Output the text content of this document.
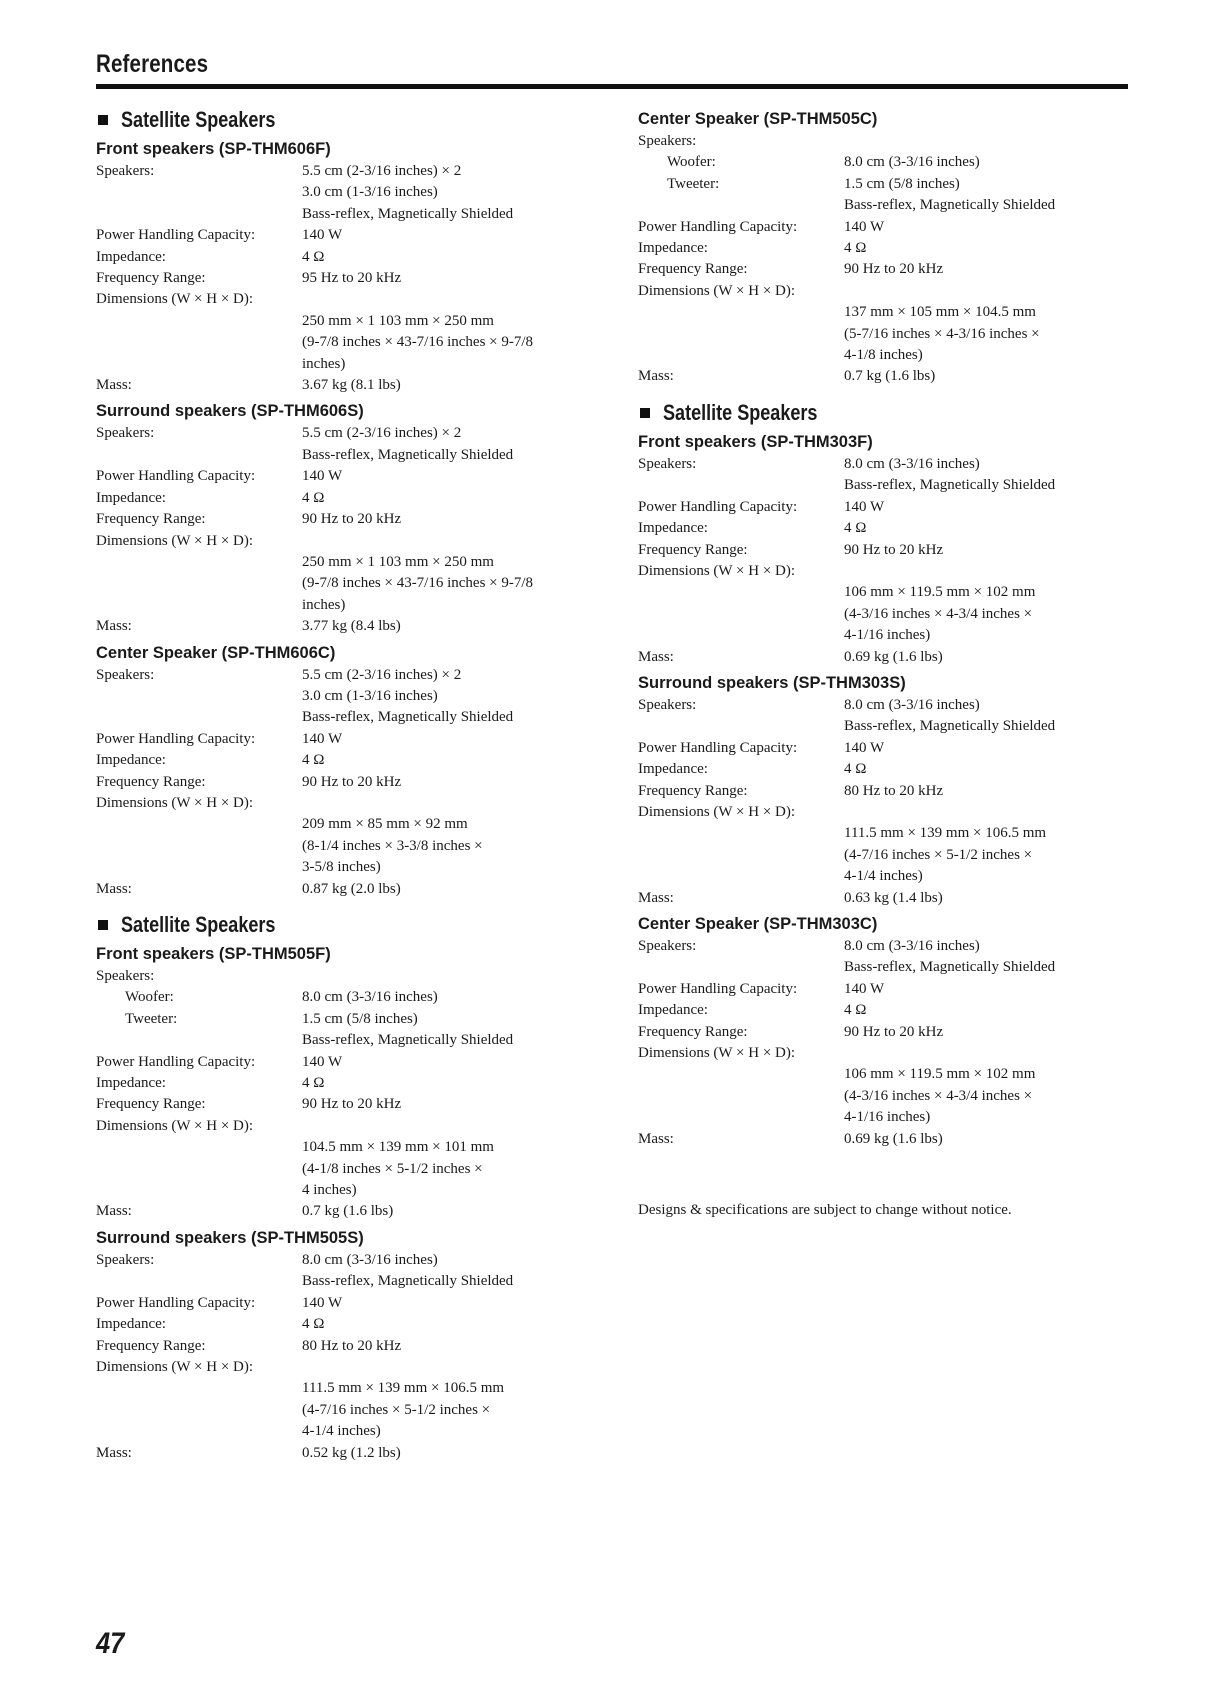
References
Satellite Speakers
Front speakers (SP-THM606F)
Speakers:	5.5 cm (2-3/16 inches) × 2
3.0 cm (1-3/16 inches)
Bass-reflex, Magnetically Shielded
Power Handling Capacity:	140 W
Impedance:	4 Ω
Frequency Range:	95 Hz to 20 kHz
Dimensions (W × H × D):
250 mm × 1 103 mm × 250 mm
(9-7/8 inches × 43-7/16 inches × 9-7/8
inches)
Mass:	3.67 kg (8.1 lbs)
Surround speakers (SP-THM606S)
Speakers:	5.5 cm (2-3/16 inches) × 2
Bass-reflex, Magnetically Shielded
Power Handling Capacity:	140 W
Impedance:	4 Ω
Frequency Range:	90 Hz to 20 kHz
Dimensions (W × H × D):
250 mm × 1 103 mm × 250 mm
(9-7/8 inches × 43-7/16 inches × 9-7/8
inches)
Mass:	3.77 kg (8.4 lbs)
Center Speaker (SP-THM606C)
Speakers:	5.5 cm (2-3/16 inches) × 2
3.0 cm (1-3/16 inches)
Bass-reflex, Magnetically Shielded
Power Handling Capacity:	140 W
Impedance:	4 Ω
Frequency Range:	90 Hz to 20 kHz
Dimensions (W × H × D):
209 mm × 85 mm × 92 mm
(8-1/4 inches × 3-3/8 inches ×
3-5/8 inches)
Mass:	0.87 kg (2.0 lbs)
Satellite Speakers
Front speakers (SP-THM505F)
Speakers:
Woofer:	8.0 cm (3-3/16 inches)
Tweeter:	1.5 cm (5/8 inches)
Bass-reflex, Magnetically Shielded
Power Handling Capacity:	140 W
Impedance:	4 Ω
Frequency Range:	90 Hz to 20 kHz
Dimensions (W × H × D):
104.5 mm × 139 mm × 101 mm
(4-1/8 inches × 5-1/2 inches ×
4 inches)
Mass:	0.7 kg (1.6 lbs)
Surround speakers (SP-THM505S)
Speakers:	8.0 cm (3-3/16 inches)
Bass-reflex, Magnetically Shielded
Power Handling Capacity:	140 W
Impedance:	4 Ω
Frequency Range:	80 Hz to 20 kHz
Dimensions (W × H × D):
111.5 mm × 139 mm × 106.5 mm
(4-7/16 inches × 5-1/2 inches ×
4-1/4 inches)
Mass:	0.52 kg (1.2 lbs)
Center Speaker (SP-THM505C)
Speakers:
Woofer:	8.0 cm (3-3/16 inches)
Tweeter:	1.5 cm (5/8 inches)
Bass-reflex, Magnetically Shielded
Power Handling Capacity:	140 W
Impedance:	4 Ω
Frequency Range:	90 Hz to 20 kHz
Dimensions (W × H × D):
137 mm × 105 mm × 104.5 mm
(5-7/16 inches × 4-3/16 inches ×
4-1/8 inches)
Mass:	0.7 kg (1.6 lbs)
Satellite Speakers
Front speakers (SP-THM303F)
Speakers:	8.0 cm (3-3/16 inches)
Bass-reflex, Magnetically Shielded
Power Handling Capacity:	140 W
Impedance:	4 Ω
Frequency Range:	90 Hz to 20 kHz
Dimensions (W × H × D):
106 mm × 119.5 mm × 102 mm
(4-3/16 inches × 4-3/4 inches ×
4-1/16 inches)
Mass:	0.69 kg (1.6 lbs)
Surround speakers (SP-THM303S)
Speakers:	8.0 cm (3-3/16 inches)
Bass-reflex, Magnetically Shielded
Power Handling Capacity:	140 W
Impedance:	4 Ω
Frequency Range:	80 Hz to 20 kHz
Dimensions (W × H × D):
111.5 mm × 139 mm × 106.5 mm
(4-7/16 inches × 5-1/2 inches ×
4-1/4 inches)
Mass:	0.63 kg (1.4 lbs)
Center Speaker (SP-THM303C)
Speakers:	8.0 cm (3-3/16 inches)
Bass-reflex, Magnetically Shielded
Power Handling Capacity:	140 W
Impedance:	4 Ω
Frequency Range:	90 Hz to 20 kHz
Dimensions (W × H × D):
106 mm × 119.5 mm × 102 mm
(4-3/16 inches × 4-3/4 inches ×
4-1/16 inches)
Mass:	0.69 kg (1.6 lbs)
Designs & specifications are subject to change without notice.
47
